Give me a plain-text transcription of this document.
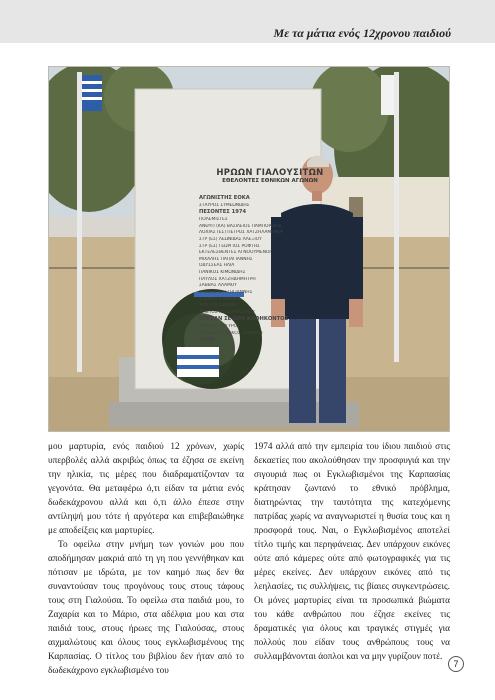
Με τα μάτια ενός 12χρονου παιδιού
ΗΡΩΩΝ ΓΙΑΛΟΥΣΙΤΩΝ
ΕΘΕΛΟΝΤΕΣ ΕΘΝΙΚΩΝ ΑΓΩΝΩΝ
ΑΓΩΝΙΣΤΗΣ ΕΟΚΑ
ΣΤΑΥΡΟΣ ΣΥΜΕΩΝΙΔΗΣ
ΠΕΣΟΝΤΕΣ 1974
ΠΟΛΕΜΙΣΤΕΣ
ΑΝΘΥΠ (ΚΑ) ΒΑΣΙΛΕΙΟΣ ΠΑΜΠΟΡΙΔΗΣ
ΛΟΧΙΑΣ (ΕΣ) ΠΕΤΡΟΣ ΧΑΤΖΗΛΑΜΠΡΟΥ
ΣΤΡ (ΕΣ) ΛΕΩΝΙΔΑΣ ΑΛΕΞΙΟΥ
ΣΤΡ (ΕΣ) ΓΕΩΡΓΙΟΣ ΡΟΦΤΗΣ
ΕΚΤΕΛΕΣΘΕΝΤΕΣ ΑΓΝΟΟΥΜΕΝΟΙ
ΜΙΧΑΛΗΣ ΠΑΠΑΓΙΑΝΝΗΣ
ΟΔΥΣΣΕΑΣ ΗΛΙΑ
ΠΑΝΙΚΟΣ ΚΙΜΩΝΙΔΗΣ
ΠΑΥΛΟΣ ΧΑΤΖΗΔΗΜΗΤΡΗ
ΣΑΒΒΑΣ ΑΛΑΜΟΥ
ΣΑΒΒΑΣ ΧΑΤΖΗΓΙΑΝΝΗΣ
ΣΤΕΛΙΟΣ ΣΑΒΒΙΔΗΣ
ΧΡΙΣΤΟΣ ΙΩΑΝΝΟΥ
ΧΡΙΣΤΟΣ ΚΑΤΖΙΝΙΚΟΛΑΟΥ
ΕΠΕΣΑΝ ΣΕ ΩΡΑ ΚΑΘΗΚΟΝΤΟΣ
ΑΙΘΗΝ ΕΙ ΑΡΓΥΡΟΥ
ΣΤΡ (ΕΣ) ΚΥΡΙΑΚΟΣ ΣΑΧΑΡΚΗ
ΑΓΝΟ

μου μαρτυρία, ενός παιδιού 12 χρόνων, χωρίς υπερβολές αλλά ακριβώς όπως τα έζησα σε εκείνη την ηλικία, τις μέρες που διαδραματίζονταν τα γεγονότα. Θα μεταφέρω ό,τι είδαν τα μάτια ενός δωδεκάχρονου αλλά και ό,τι άλλο έπεσε στην αντίληψή μου τότε ή αργότερα και επιβεβαιώθηκε με αποδείξεις και μαρτυρίες.

Το οφείλω στην μνήμη των γονιών μου που αποδήμησαν μακριά από τη γη που γεννήθηκαν και πότισαν με ιδρώτα, με τον καημό πως δεν θα συναντούσαν τους προγόνους τους στους τάφους τους στη Γιαλούσα. Το οφείλω στα παιδιά μου, το Ζαχαρία και το Μάριο, στα αδέλφια μου και στα παιδιά τους, στους ήρωες της Γιαλούσας, στους αιχμαλώτους και όλους τους εγκλωβισμένους της Καρπασίας. Ο τίτλος του βιβλίου δεν ήταν από το δωδεκάχρονο εγκλωβισμένο του

1974 αλλά από την εμπειρία του ίδιου παιδιού στις δεκαετίες που ακολούθησαν την προσφυγιά και την σιγουριά πως οι Εγκλωβισμένοι της Καρπασίας κράτησαν ζωντανό το εθνικό πρόβλημα, διατηρώντας την ταυτότητα της κατεχόμενης πατρίδας χωρίς να αναγνωριστεί η θυσία τους και η προσφορά τους. Ναι, ο Εγκλωβισμένος αποτελεί τίτλο τιμής και περηφάνειας. Δεν υπάρχουν εικόνες ούτε από κάμερες ούτε από φωτογραφικές για τις μέρες εκείνες. Δεν υπάρχουν εικόνες από τις λεηλασίες, τις συλλήψεις, τις βίαιες συγκεντρώσεις. Οι μόνες μαρτυρίες είναι τα προσωπικά βιώματα του κάθε ανθρώπου που έζησε εκείνες τις δραματικές για όλους και τραγικές στιγμές για πολλούς που είδαν τους ανθρώπους τους να συλλαμβάνονται άοπλοι και να μην γυρίζουν ποτέ.

7
